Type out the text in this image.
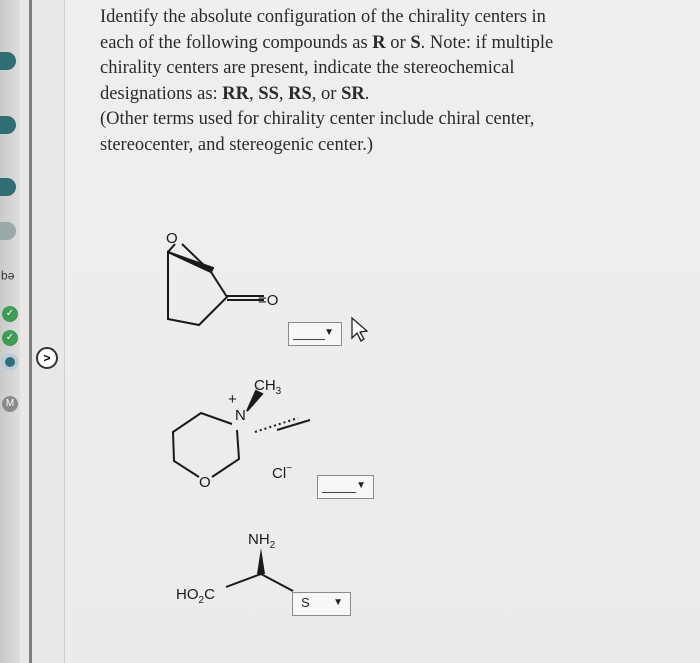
eq
✓
✓
M
>

Identify the absolute configuration of the chirality centers in

each of the following compounds as R or S. Note: if multiple

chirality centers are present, indicate the stereochemical

designations as: RR, SS, RS, or SR.

(Other terms used for chirality center include chiral center,

stereocenter, and stereogenic center.)

O
=O
$CH_3$
N
+
O
Cl−
$NH_2$
$HO_2C$
▼
▼
S ▼
